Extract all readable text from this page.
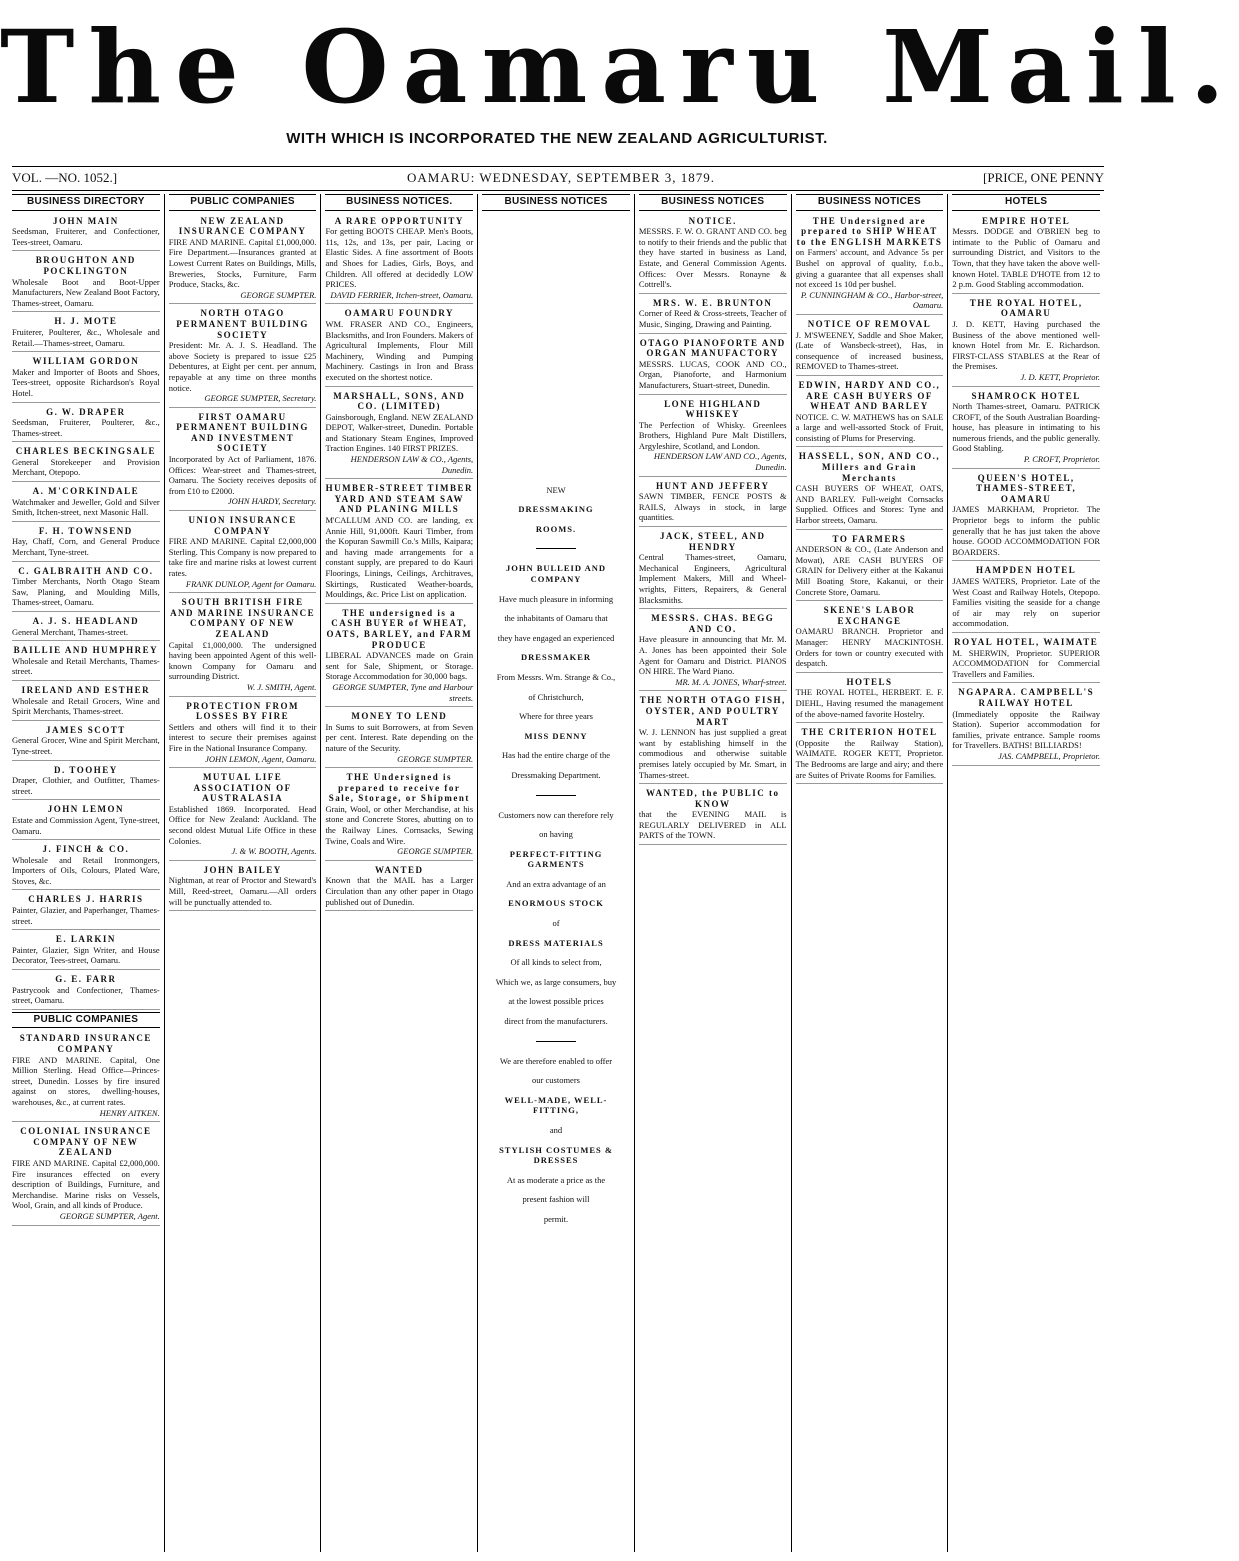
The Oamaru Mail.
WITH WHICH IS INCORPORATED THE NEW ZEALAND AGRICULTURIST.
VOL. —NO. 1052.]	OAMARU: WEDNESDAY, SEPTEMBER 3, 1879.	[PRICE, ONE PENNY
BUSINESS DIRECTORY
JOHN MAIN
Seedsman, Fruiterer, and Confectioner, Tees-street, Oamaru.
BROUGHTON AND POCKLINGTON
Wholesale Boot and Boot-Upper Manufacturers, New Zealand Boot Factory, Thames-street, Oamaru.
H. J. MOTE
Fruiterer, Poulterer, &c., Wholesale and Retail.—Thames-street, Oamaru.
WILLIAM GORDON
Maker and Importer of Boots and Shoes, Tees-street, opposite Richardson's Royal Hotel.
G. W. DRAPER
Seedsman, Fruiterer, Poulterer, &c., Thames-street.
CHARLES BECKINGSALE
General Storekeeper and Provision Merchant, Otepopo.
A. M'CORKINDALE
Watchmaker and Jeweller, Gold and Silver Smith, Itchen-street, next Masonic Hall.
F. H. TOWNSEND
Hay, Chaff, Corn, and General Produce Merchant, Tyne-street.
C. GALBRAITH AND CO.
Timber Merchants, North Otago Steam Saw, Planing, and Moulding Mills, Thames-street, Oamaru.
A. J. S. HEADLAND
General Merchant, Thames-street.
BAILLIE AND HUMPHREY
Wholesale and Retail Merchants, Thames-street.
IRELAND AND ESTHER
Wholesale and Retail Grocers, Wine and Spirit Merchants, Thames-street.
JAMES SCOTT
General Grocer, Wine and Spirit Merchant, Tyne-street.
D. TOOHEY
Draper, Clothier, and Outfitter, Thames-street.
JOHN LEMON
Estate and Commission Agent, Tyne-street, Oamaru.
J. FINCH & CO.
Wholesale and Retail Ironmongers, Importers of Oils, Colours, Plated Ware, Stoves, &c.
CHARLES J. HARRIS
Painter, Glazier, and Paperhanger, Thames-street.
E. LARKIN
Painter, Glazier, Sign Writer, and House Decorator, Tees-street, Oamaru.
G. E. FARR
Pastrycook and Confectioner, Thames-street, Oamaru.
PUBLIC COMPANIES
STANDARD INSURANCE COMPANY
FIRE AND MARINE. Capital, One Million Sterling. Head Office—Princes-street, Dunedin. Losses by fire insured against on stores, dwelling-houses, warehouses, &c., at current rates.
HENRY AITKEN.
COLONIAL INSURANCE COMPANY OF NEW ZEALAND
FIRE AND MARINE. Capital £2,000,000. Fire insurances effected on every description of Buildings, Furniture, and Merchandise. Marine risks on Vessels, Wool, Grain, and all kinds of Produce.
GEORGE SUMPTER, Agent.
PUBLIC COMPANIES
NEW ZEALAND INSURANCE COMPANY
FIRE AND MARINE. Capital £1,000,000. Fire Department.—Insurances granted at Lowest Current Rates on Buildings, Mills, Breweries, Stocks, Furniture, Farm Produce, Stacks, &c.
GEORGE SUMPTER.
NORTH OTAGO PERMANENT BUILDING SOCIETY
President: Mr. A. J. S. Headland. The above Society is prepared to issue £25 Debentures, at Eight per cent. per annum, repayable at any time on three months notice.
GEORGE SUMPTER, Secretary.
FIRST OAMARU PERMANENT BUILDING AND INVESTMENT SOCIETY
Incorporated by Act of Parliament, 1876. Offices: Wear-street and Thames-street, Oamaru. The Society receives deposits of from £10 to £2000.
JOHN HARDY, Secretary.
UNION INSURANCE COMPANY
FIRE AND MARINE. Capital £2,000,000 Sterling. This Company is now prepared to take fire and marine risks at lowest current rates.
FRANK DUNLOP, Agent for Oamaru.
SOUTH BRITISH FIRE AND MARINE INSURANCE COMPANY OF NEW ZEALAND
Capital £1,000,000. The undersigned having been appointed Agent of this well-known Company for Oamaru and surrounding District.
W. J. SMITH, Agent.
PROTECTION FROM LOSSES BY FIRE
Settlers and others will find it to their interest to secure their premises against Fire in the National Insurance Company.
JOHN LEMON, Agent, Oamaru.
MUTUAL LIFE ASSOCIATION OF AUSTRALASIA
Established 1869. Incorporated. Head Office for New Zealand: Auckland. The second oldest Mutual Life Office in these Colonies.
J. & W. BOOTH, Agents.
JOHN BAILEY
Nightman, at rear of Proctor and Steward's Mill, Reed-street, Oamaru.—All orders will be punctually attended to.
BUSINESS NOTICES.
A RARE OPPORTUNITY
For getting BOOTS CHEAP. Men's Boots, 11s, 12s, and 13s, per pair, Lacing or Elastic Sides. A fine assortment of Boots and Shoes for Ladies, Girls, Boys, and Children. All offered at decidedly LOW PRICES.
DAVID FERRIER, Itchen-street, Oamaru.
OAMARU FOUNDRY
WM. FRASER AND CO., Engineers, Blacksmiths, and Iron Founders. Makers of Agricultural Implements, Flour Mill Machinery, Winding and Pumping Machinery. Castings in Iron and Brass executed on the shortest notice.
MARSHALL, SONS, AND CO. (LIMITED)
Gainsborough, England. NEW ZEALAND DEPOT, Walker-street, Dunedin. Portable and Stationary Steam Engines, Improved Traction Engines. 140 FIRST PRIZES.
HENDERSON LAW & CO., Agents, Dunedin.
HUMBER-STREET TIMBER YARD AND STEAM SAW AND PLANING MILLS
M'CALLUM AND CO. are landing, ex Annie Hill, 91,000ft. Kauri Timber, from the Kopuran Sawmill Co.'s Mills, Kaipara; and having made arrangements for a constant supply, are prepared to do Kauri Floorings, Linings, Ceilings, Architraves, Skirtings, Rusticated Weather-boards, Mouldings, &c. Price List on application.
THE undersigned is a CASH BUYER of WHEAT, OATS, BARLEY, and FARM PRODUCE
LIBERAL ADVANCES made on Grain sent for Sale, Shipment, or Storage. Storage Accommodation for 30,000 bags.
GEORGE SUMPTER, Tyne and Harbour streets.
MONEY TO LEND
In Sums to suit Borrowers, at from Seven per cent. Interest. Rate depending on the nature of the Security.
GEORGE SUMPTER.
THE Undersigned is prepared to receive for Sale, Storage, or Shipment
Grain, Wool, or other Merchandise, at his stone and Concrete Stores, abutting on to the Railway Lines. Cornsacks, Sewing Twine, Coals and Wire.
GEORGE SUMPTER.
WANTED
Known that the MAIL has a Larger Circulation than any other paper in Otago published out of Dunedin.
BUSINESS NOTICES
NEW
DRESSMAKING
ROOMS.
JOHN BULLEID AND COMPANY
Have much pleasure in informing
the inhabitants of Oamaru that
they have engaged an experienced
DRESSMAKER
From Messrs. Wm. Strange & Co.,
of Christchurch,
Where for three years
MISS DENNY
Has had the entire charge of the
Dressmaking Department.
Customers now can therefore rely
on having
PERFECT-FITTING GARMENTS
And an extra advantage of an
ENORMOUS STOCK
of
DRESS MATERIALS
Of all kinds to select from,
Which we, as large consumers, buy
at the lowest possible prices
direct from the manufacturers.
We are therefore enabled to offer
our customers
WELL-MADE, WELL-FITTING,
and
STYLISH COSTUMES & DRESSES
At as moderate a price as the
present fashion will
permit.
BUSINESS NOTICES
NOTICE.
MESSRS. F. W. O. GRANT AND CO. beg to notify to their friends and the public that they have started in business as Land, Estate, and General Commission Agents. Offices: Over Messrs. Ronayne & Cottrell's.
MRS. W. E. BRUNTON
Corner of Reed & Cross-streets, Teacher of Music, Singing, Drawing and Painting.
OTAGO PIANOFORTE AND ORGAN MANUFACTORY
MESSRS. LUCAS, COOK AND CO., Organ, Pianoforte, and Harmonium Manufacturers, Stuart-street, Dunedin.
LONE HIGHLAND WHISKEY
The Perfection of Whisky. Greenlees Brothers, Highland Pure Malt Distillers, Argyleshire, Scotland, and London.
HENDERSON LAW AND CO., Agents, Dunedin.
HUNT AND JEFFERY
SAWN TIMBER, FENCE POSTS & RAILS, Always in stock, in large quantities.
JACK, STEEL, AND HENDRY
Central Thames-street, Oamaru, Mechanical Engineers, Agricultural Implement Makers, Mill and Wheel-wrights, Fitters, Repairers, & General Blacksmiths.
MESSRS. CHAS. BEGG AND CO.
Have pleasure in announcing that Mr. M. A. Jones has been appointed their Sole Agent for Oamaru and District. PIANOS ON HIRE. The Ward Piano.
MR. M. A. JONES, Wharf-street.
THE NORTH OTAGO FISH, OYSTER, AND POULTRY MART
W. J. LENNON has just supplied a great want by establishing himself in the commodious and otherwise suitable premises lately occupied by Mr. Smart, in Thames-street.
WANTED, the PUBLIC to KNOW
that the EVENING MAIL is REGULARLY DELIVERED in ALL PARTS of the TOWN.
BUSINESS NOTICES
THE Undersigned are prepared to SHIP WHEAT to the ENGLISH MARKETS
on Farmers' account, and Advance 5s per Bushel on approval of quality, f.o.b., giving a guarantee that all expenses shall not exceed 1s 10d per bushel.
P. CUNNINGHAM & CO., Harbor-street, Oamaru.
NOTICE OF REMOVAL
J. M'SWEENEY, Saddle and Shoe Maker, (Late of Wansbeck-street), Has, in consequence of increased business, REMOVED to Thames-street.
EDWIN, HARDY AND CO., ARE CASH BUYERS OF WHEAT AND BARLEY
NOTICE. C. W. MATHEWS has on SALE a large and well-assorted Stock of Fruit, consisting of Plums for Preserving.
HASSELL, SON, AND CO., Millers and Grain Merchants
CASH BUYERS OF WHEAT, OATS, AND BARLEY. Full-weight Cornsacks Supplied. Offices and Stores: Tyne and Harbor streets, Oamaru.
TO FARMERS
ANDERSON & CO., (Late Anderson and Mowat), ARE CASH BUYERS OF GRAIN for Delivery either at the Kakanui Mill Boating Store, Kakanui, or their Concrete Store, Oamaru.
SKENE'S LABOR EXCHANGE
OAMARU BRANCH. Proprietor and Manager: HENRY MACKINTOSH. Orders for town or country executed with despatch.
HOTELS
THE ROYAL HOTEL, HERBERT. E. F. DIEHL, Having resumed the management of the above-named favorite Hostelry.
THE CRITERION HOTEL
(Opposite the Railway Station), WAIMATE. ROGER KETT, Proprietor. The Bedrooms are large and airy; and there are Suites of Private Rooms for Families.
HOTELS
EMPIRE HOTEL
Messrs. DODGE and O'BRIEN beg to intimate to the Public of Oamaru and surrounding District, and Visitors to the Town, that they have taken the above well-known Hotel. TABLE D'HOTE from 12 to 2 p.m. Good Stabling accommodation.
THE ROYAL HOTEL, OAMARU
J. D. KETT, Having purchased the Business of the above mentioned well-known Hotel from Mr. E. Richardson. FIRST-CLASS STABLES at the Rear of the Premises.
J. D. KETT, Proprietor.
SHAMROCK HOTEL
North Thames-street, Oamaru. PATRICK CROFT, of the South Australian Boarding-house, has pleasure in intimating to his numerous friends, and the public generally. Good Stabling.
P. CROFT, Proprietor.
QUEEN'S HOTEL, THAMES-STREET, OAMARU
JAMES MARKHAM, Proprietor. The Proprietor begs to inform the public generally that he has just taken the above house. GOOD ACCOMMODATION FOR BOARDERS.
HAMPDEN HOTEL
JAMES WATERS, Proprietor. Late of the West Coast and Railway Hotels, Otepopo. Families visiting the seaside for a change of air may rely on superior accommodation.
ROYAL HOTEL, WAIMATE
M. SHERWIN, Proprietor. SUPERIOR ACCOMMODATION for Commercial Travellers and Families.
NGAPARA. CAMPBELL'S RAILWAY HOTEL
(Immediately opposite the Railway Station). Superior accommodation for families, private entrance. Sample rooms for Travellers. BATHS! BILLIARDS!
JAS. CAMPBELL, Proprietor.
